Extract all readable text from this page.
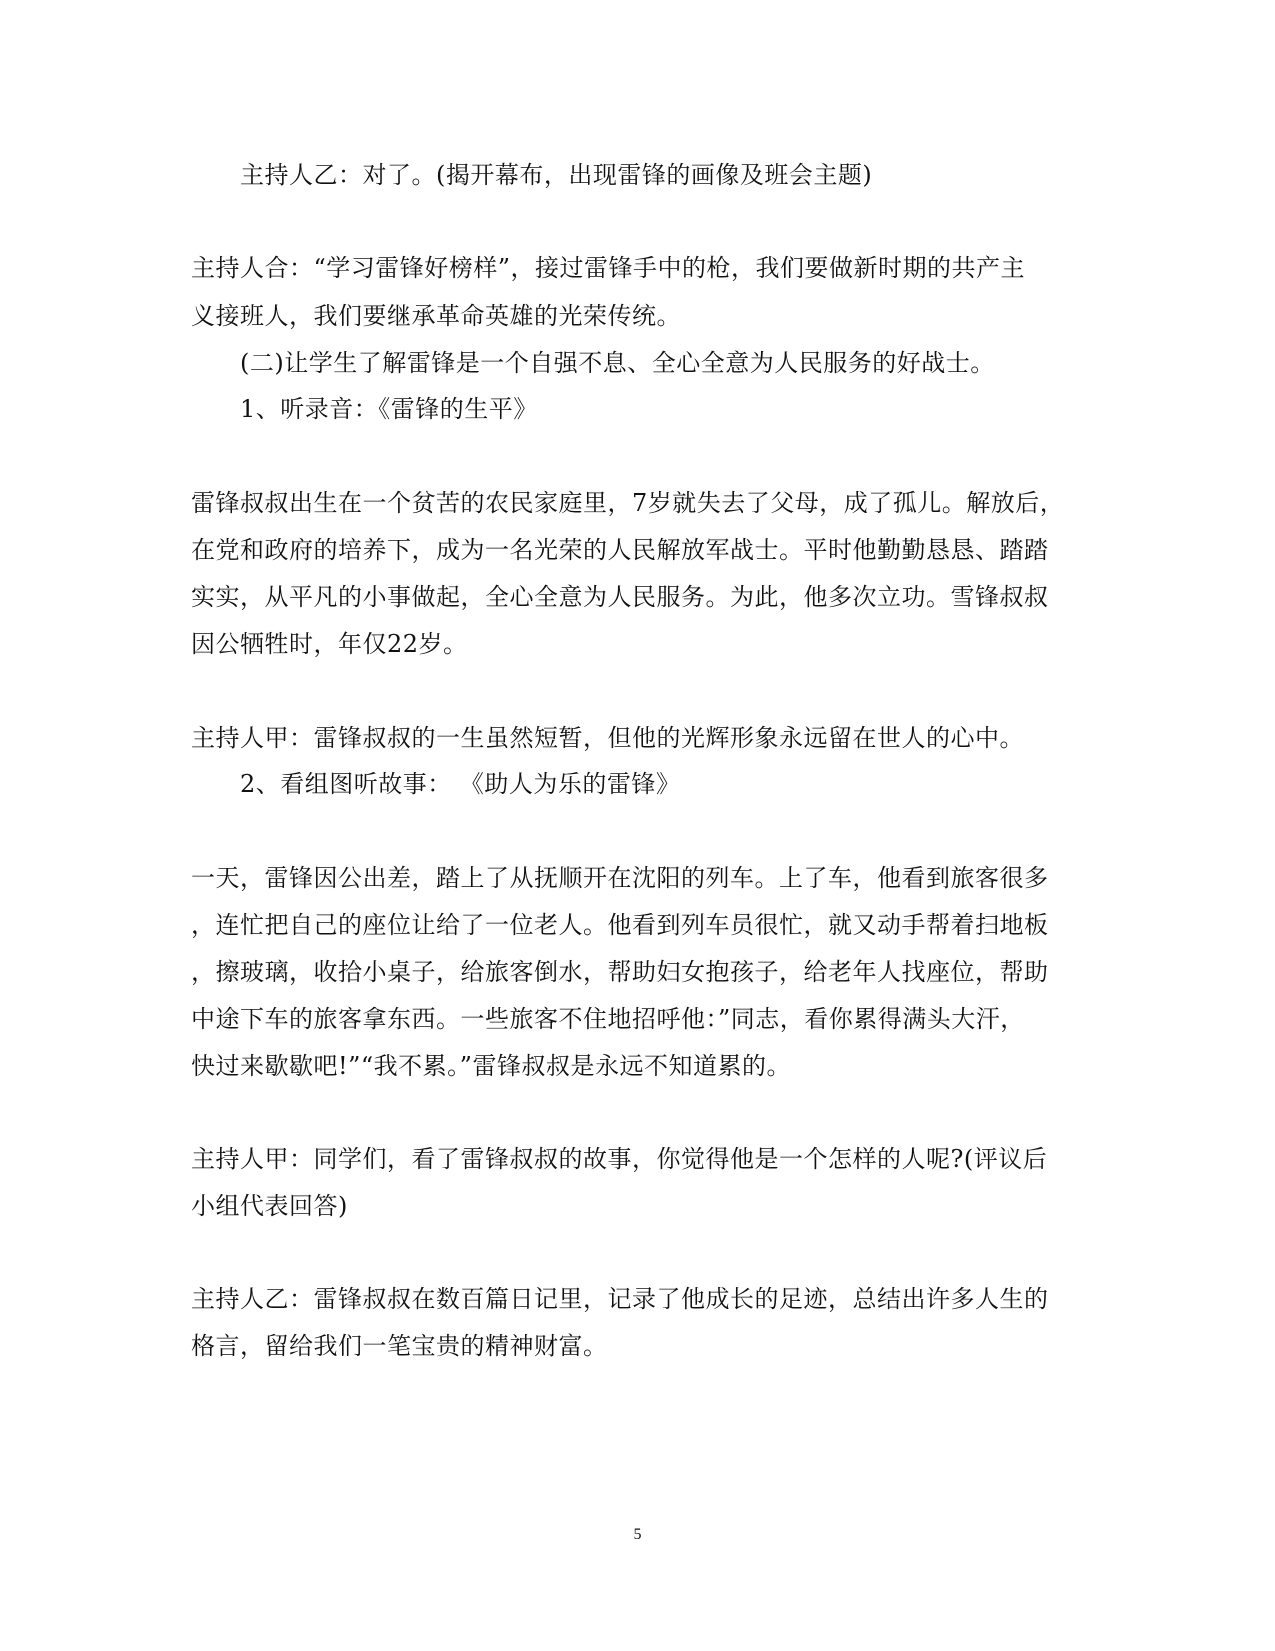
主持人乙：对了。(揭开幕布，出现雷锋的画像及班会主题)
主持人合：“学习雷锋好榜样”，接过雷锋手中的枪，我们要做新时期的共产主
义接班人，我们要继承革命英雄的光荣传统。
(二)让学生了解雷锋是一个自强不息、全心全意为人民服务的好战士。
1、听录音：《雷锋的生平》
雷锋叔叔出生在一个贫苦的农民家庭里，7岁就失去了父母，成了孤儿。解放后，
在党和政府的培养下，成为一名光荣的人民解放军战士。平时他勤勤恳恳、踏踏
实实，从平凡的小事做起，全心全意为人民服务。为此，他多次立功。雪锋叔叔
因公牺牲时，年仅22岁。
主持人甲：雷锋叔叔的一生虽然短暂，但他的光辉形象永远留在世人的心中。
2、看组图听故事： 《助人为乐的雷锋》
一天，雷锋因公出差，踏上了从抚顺开在沈阳的列车。上了车，他看到旅客很多
，连忙把自己的座位让给了一位老人。他看到列车员很忙，就又动手帮着扫地板
，擦玻璃，收拾小桌子，给旅客倒水，帮助妇女抱孩子，给老年人找座位，帮助
中途下车的旅客拿东西。一些旅客不住地招呼他：”同志，看你累得满头大汗，
快过来歇歇吧!”“我不累。”雷锋叔叔是永远不知道累的。
主持人甲：同学们，看了雷锋叔叔的故事，你觉得他是一个怎样的人呢?(评议后
小组代表回答)
主持人乙：雷锋叔叔在数百篇日记里，记录了他成长的足迹，总结出许多人生的
格言，留给我们一笔宝贵的精神财富。
5
